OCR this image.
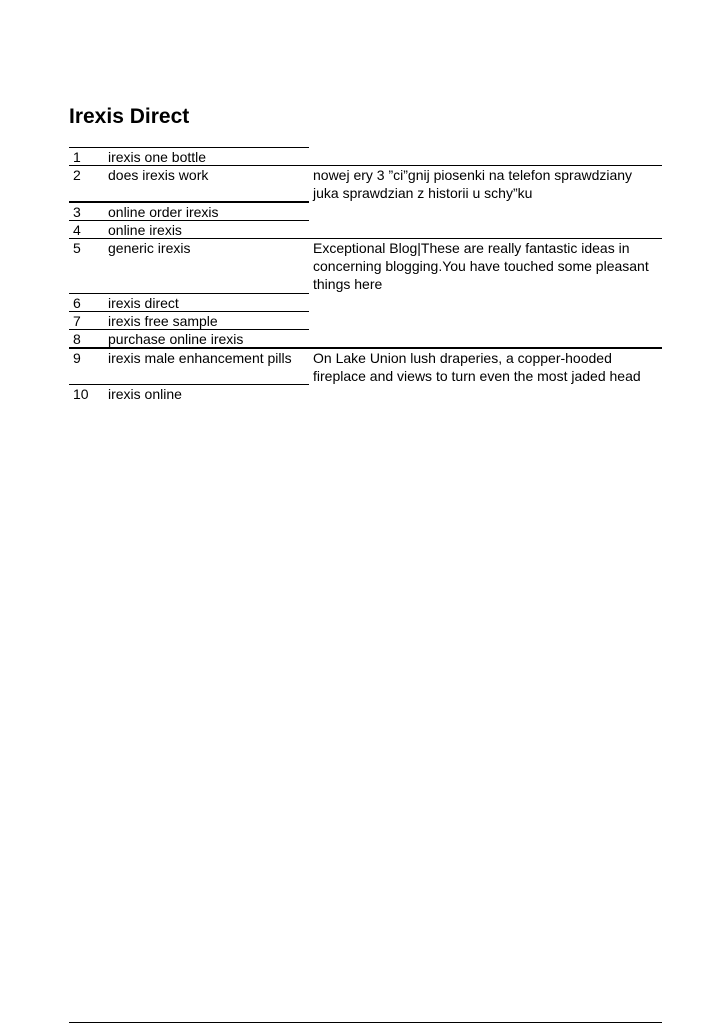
Irexis Direct
1 irexis one bottle
2 does irexis work	nowej ery 3 ”ci”gnij piosenki na telefon sprawdziany juka sprawdzian z historii u schy”ku
3 online order irexis
4 online irexis
5 generic irexis	Exceptional Blog|These are really fantastic ideas in concerning blogging.You have touched some pleasant things here
6 irexis direct
7 irexis free sample
8 purchase online irexis
9 irexis male enhancement pills On Lake Union lush draperies, a copper-hooded fireplace and views to turn even the most jaded head
10 irexis online
